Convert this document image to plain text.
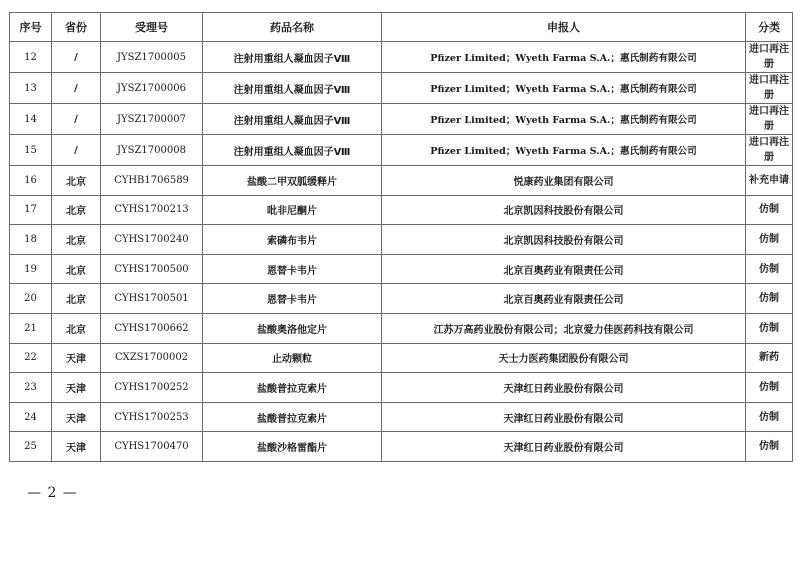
序号	省份	受理号	药品名称	申报人	分类
12	/	JYSZ1700005	注射用重组人凝血因子Ⅷ	Pfizer Limited；Wyeth Farma S.A.；惠氏制药有限公司	进口再注册
13	/	JYSZ1700006	注射用重组人凝血因子Ⅷ	Pfizer Limited；Wyeth Farma S.A.；惠氏制药有限公司	进口再注册
14	/	JYSZ1700007	注射用重组人凝血因子Ⅷ	Pfizer Limited；Wyeth Farma S.A.；惠氏制药有限公司	进口再注册
15	/	JYSZ1700008	注射用重组人凝血因子Ⅷ	Pfizer Limited；Wyeth Farma S.A.；惠氏制药有限公司	进口再注册
16	北京	CYHB1706589	盐酸二甲双胍缓释片	悦康药业集团有限公司	补充申请
17	北京	CYHS1700213	吡非尼酮片	北京凯因科技股份有限公司	仿制
18	北京	CYHS1700240	索磷布韦片	北京凯因科技股份有限公司	仿制
19	北京	CYHS1700500	恩替卡韦片	北京百奥药业有限责任公司	仿制
20	北京	CYHS1700501	恩替卡韦片	北京百奥药业有限责任公司	仿制
21	北京	CYHS1700662	盐酸奥洛他定片	江苏万高药业股份有限公司；北京爱力佳医药科技有限公司	仿制
22	天津	CXZS1700002	止动颗粒	天士力医药集团股份有限公司	新药
23	天津	CYHS1700252	盐酸普拉克索片	天津红日药业股份有限公司	仿制
24	天津	CYHS1700253	盐酸普拉克索片	天津红日药业股份有限公司	仿制
25	天津	CYHS1700470	盐酸沙格雷酯片	天津红日药业股份有限公司	仿制
— 2 —
